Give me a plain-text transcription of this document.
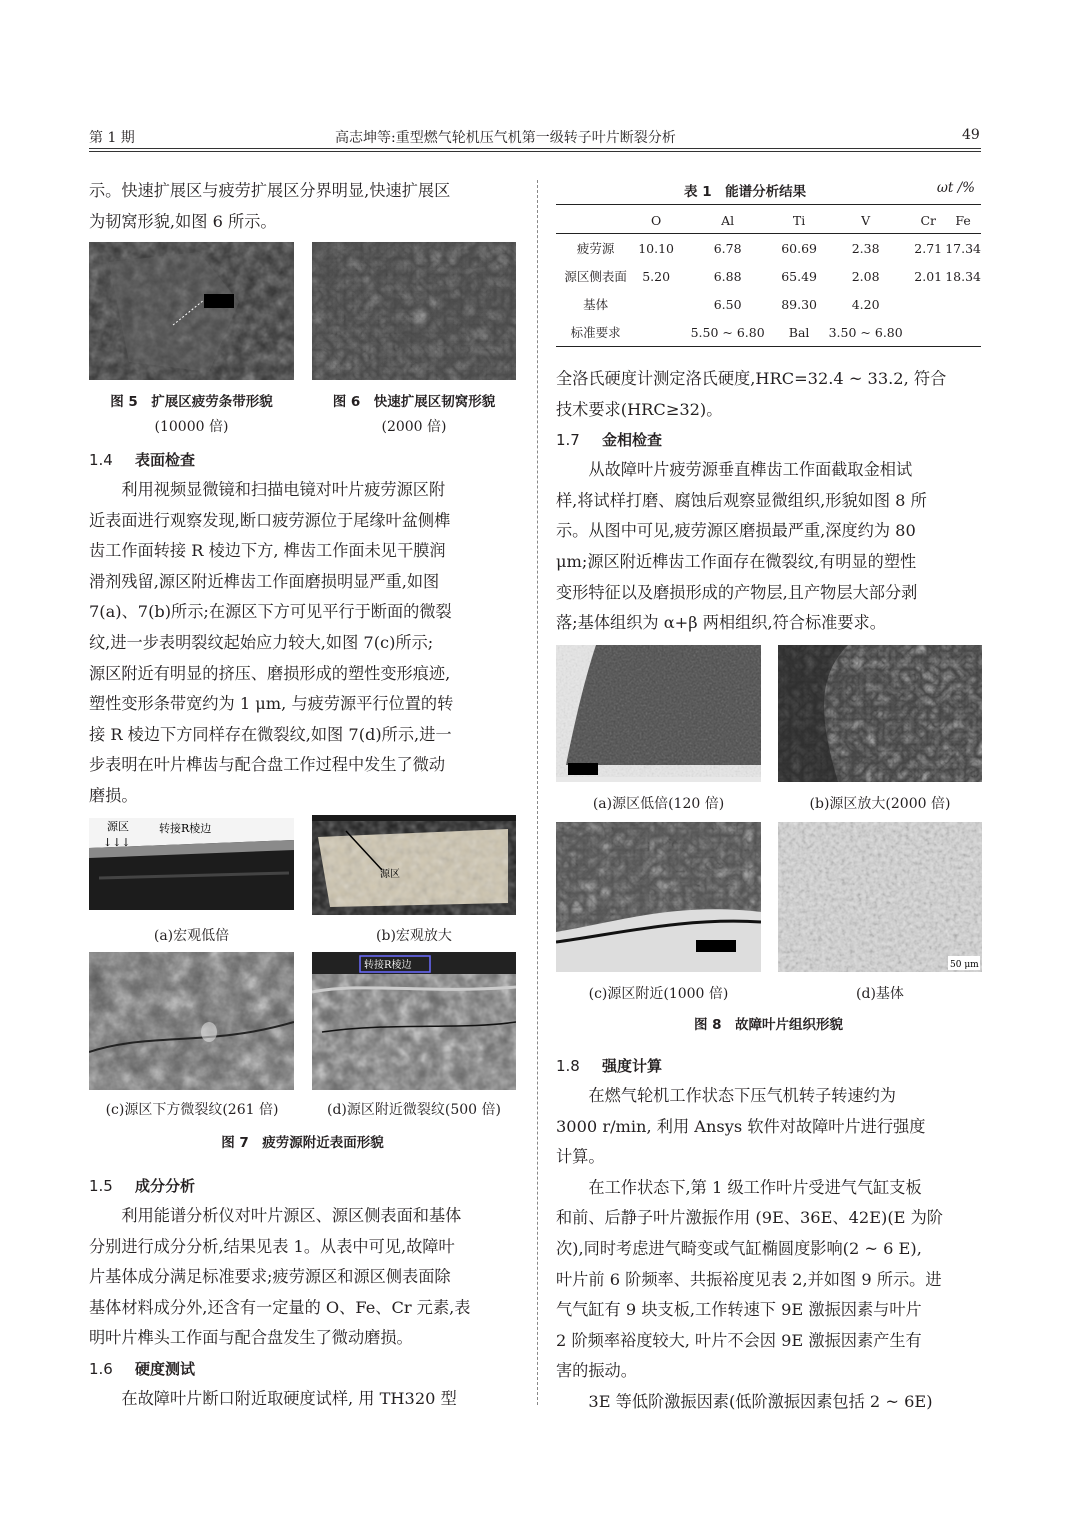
第 1 期	高志坤等:重型燃气轮机压气机第一级转子叶片断裂分析	49

示。快速扩展区与疲劳扩展区分界明显,快速扩展区

为韧窝形貌,如图 6 所示。

图 5　扩展区疲劳条带形貌
(10000 倍)
图 6　快速扩展区韧窝形貌
(2000 倍)
1.4 表面检查

利用视频显微镜和扫描电镜对叶片疲劳源区附

近表面进行观察发现,断口疲劳源位于尾缘叶盆侧榫

齿工作面转接 R 棱边下方, 榫齿工作面未见干膜润

滑剂残留,源区附近榫齿工作面磨损明显严重,如图

7(a)、7(b)所示;在源区下方可见平行于断面的微裂

纹,进一步表明裂纹起始应力较大,如图 7(c)所示;

源区附近有明显的挤压、磨损形成的塑性变形痕迹,

塑性变形条带宽约为 1 μm, 与疲劳源平行位置的转

接 R 棱边下方同样存在微裂纹,如图 7(d)所示,进一

步表明在叶片榫齿与配合盘工作过程中发生了微动

磨损。

源区	转接R棱边
↓↓↓
源区
(a)宏观低倍	(b)宏观放大
转接R棱边
(c)源区下方微裂纹(261 倍)	(d)源区附近微裂纹(500 倍)
图 7　疲劳源附近表面形貌
1.5 成分分析

利用能谱分析仪对叶片源区、源区侧表面和基体

分别进行成分分析,结果见表 1。从表中可见,故障叶

片基体成分满足标准要求;疲劳源区和源区侧表面除

基体材料成分外,还含有一定量的 O、Fe、Cr 元素,表

明叶片榫头工作面与配合盘发生了微动磨损。

1.6 硬度测试

在故障叶片断口附近取硬度试样, 用 TH320 型

表 1　能谱分析结果	ωt /%
	O	Al	Ti	V	Cr	Fe
疲劳源	10.10	6.78	60.69	2.38	2.71	17.34
源区侧表面	5.20	6.88	65.49	2.08	2.01	18.34
基体		6.50	89.30	4.20		
标准要求		5.50 ~ 6.80	Bal	3.50 ~ 6.80		

全洛氏硬度计测定洛氏硬度,HRC=32.4 ~ 33.2, 符合

技术要求(HRC≥32)。

1.7 金相检查

从故障叶片疲劳源垂直榫齿工作面截取金相试

样,将试样打磨、腐蚀后观察显微组织,形貌如图 8 所

示。从图中可见,疲劳源区磨损最严重,深度约为 80

μm;源区附近榫齿工作面存在微裂纹,有明显的塑性

变形特征以及磨损形成的产物层,且产物层大部分剥

落;基体组织为 α+β 两相组织,符合标准要求。

(a)源区低倍(120 倍)	(b)源区放大(2000 倍)
50 μm
(c)源区附近(1000 倍)	(d)基体
图 8　故障叶片组织形貌
1.8 强度计算

在燃气轮机工作状态下压气机转子转速约为

3000 r/min, 利用 Ansys 软件对故障叶片进行强度

计算。

在工作状态下,第 1 级工作叶片受进气气缸支板

和前、后静子叶片激振作用 (9E、36E、42E)(E 为阶

次),同时考虑进气畸变或气缸椭圆度影响(2 ~ 6 E),

叶片前 6 阶频率、共振裕度见表 2,并如图 9 所示。进

气气缸有 9 块支板,工作转速下 9E 激振因素与叶片

2 阶频率裕度较大, 叶片不会因 9E 激振因素产生有

害的振动。

3E 等低阶激振因素(低阶激振因素包括 2 ~ 6E)
